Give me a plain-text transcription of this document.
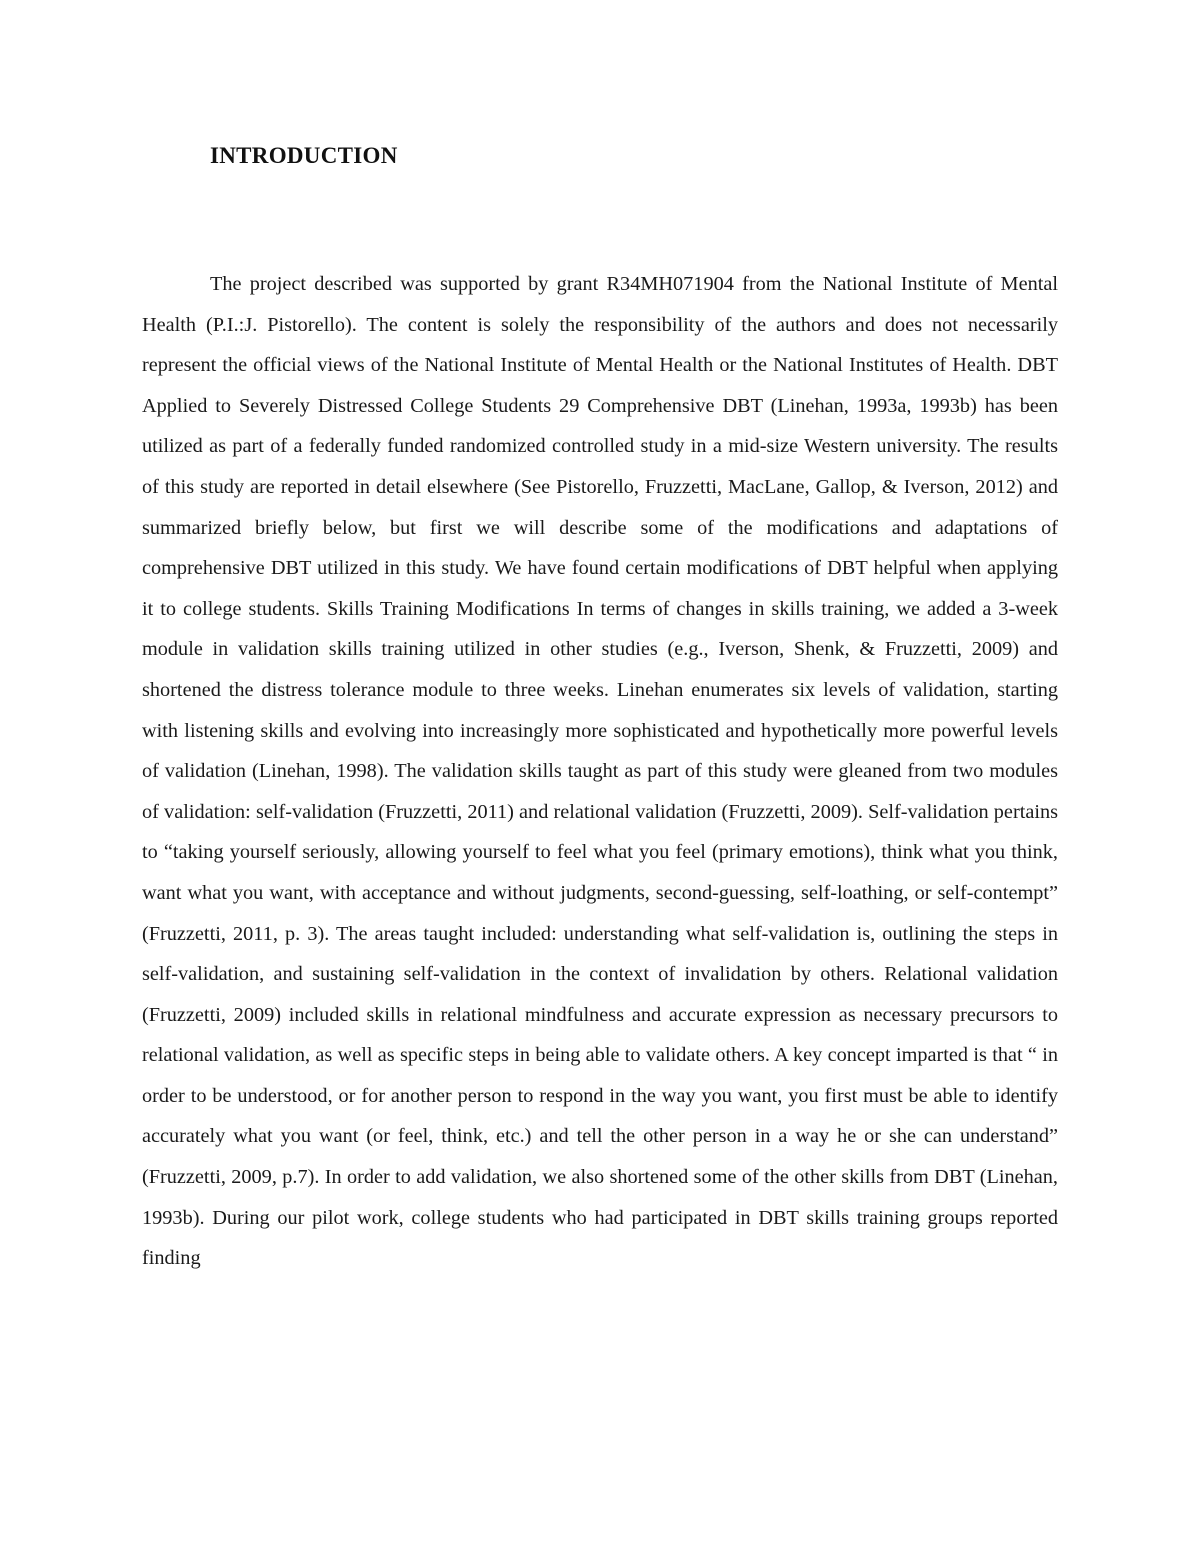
INTRODUCTION

The project described was supported by grant R34MH071904 from the National Institute of Mental Health (P.I.:J. Pistorello). The content is solely the responsibility of the authors and does not necessarily represent the official views of the National Institute of Mental Health or the National Institutes of Health. DBT Applied to Severely Distressed College Students 29 Comprehensive DBT (Linehan, 1993a, 1993b) has been utilized as part of a federally funded randomized controlled study in a mid-size Western university. The results of this study are reported in detail elsewhere (See Pistorello, Fruzzetti, MacLane, Gallop, & Iverson, 2012) and summarized briefly below, but first we will describe some of the modifications and adaptations of comprehensive DBT utilized in this study. We have found certain modifications of DBT helpful when applying it to college students. Skills Training Modifications In terms of changes in skills training, we added a 3-week module in validation skills training utilized in other studies (e.g., Iverson, Shenk, & Fruzzetti, 2009) and shortened the distress tolerance module to three weeks. Linehan enumerates six levels of validation, starting with listening skills and evolving into increasingly more sophisticated and hypothetically more powerful levels of validation (Linehan, 1998). The validation skills taught as part of this study were gleaned from two modules of validation: self-validation (Fruzzetti, 2011) and relational validation (Fruzzetti, 2009). Self-validation pertains to “taking yourself seriously, allowing yourself to feel what you feel (primary emotions), think what you think, want what you want, with acceptance and without judgments, second-guessing, self-loathing, or self-contempt” (Fruzzetti, 2011, p. 3). The areas taught included: understanding what self-validation is, outlining the steps in self-validation, and sustaining self-validation in the context of invalidation by others. Relational validation (Fruzzetti, 2009) included skills in relational mindfulness and accurate expression as necessary precursors to relational validation, as well as specific steps in being able to validate others. A key concept imparted is that “ in order to be understood, or for another person to respond in the way you want, you first must be able to identify accurately what you want (or feel, think, etc.) and tell the other person in a way he or she can understand” (Fruzzetti, 2009, p.7). In order to add validation, we also shortened some of the other skills from DBT (Linehan, 1993b). During our pilot work, college students who had participated in DBT skills training groups reported finding
